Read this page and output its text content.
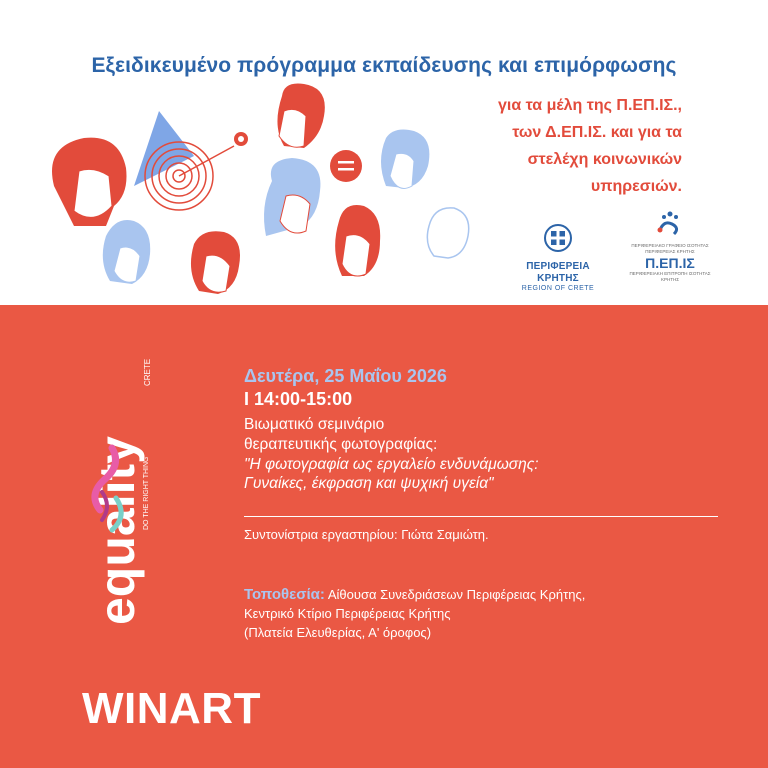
Εξειδικευμένο πρόγραμμα εκπαίδευσης και επιμόρφωσης
για τα μέλη της Π.ΕΠ.ΙΣ.,
των Δ.ΕΠ.ΙΣ. και για τα
στελέχη κοινωνικών
υπηρεσιών.
ΠΕΡΙΦΕΡΕΙΑ ΚΡΗΤΗΣ
REGION OF CRETE
ΠΕΡΙΦΕΡΕΙΑΚΟ ΓΡΑΦΕΙΟ ΙΣΟΤΗΤΑΣ ΠΕΡΙΦΕΡΕΙΑΣ ΚΡΗΤΗΣ
Π.ΕΠ.ΙΣ
ΠΕΡΙΦΕΡΕΙΑΚΗ ΕΠΙΤΡΟΠΗ ΙΣΟΤΗΤΑΣ ΚΡΗΤΗΣ
equality
CRETE
DO THE RIGHT THING
Δευτέρα, 25 Μαΐου 2026
Ι 14:00-15:00
Βιωματικό σεμινάριο
θεραπευτικής φωτογραφίας:
"Η φωτογραφία ως εργαλείο ενδυνάμωσης:
Γυναίκες, έκφραση και ψυχική υγεία"
Συντονίστρια εργαστηρίου: Γιώτα Σαμιώτη.
Τοποθεσία: Αίθουσα Συνεδριάσεων Περιφέρειας Κρήτης,
Κεντρικό Κτίριο Περιφέρειας Κρήτης
(Πλατεία Ελευθερίας, Α' όροφος)
WINART
